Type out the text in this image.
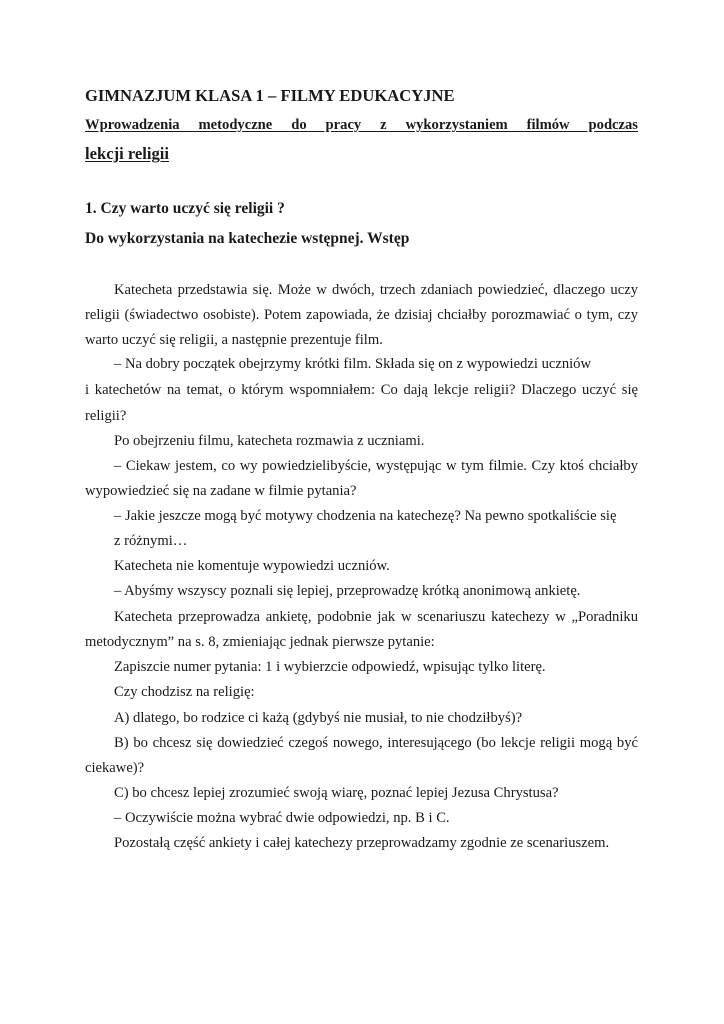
GIMNAZJUM KLASA 1 – FILMY EDUKACYJNE
Wprowadzenia metodyczne do pracy z wykorzystaniem filmów podczas
lekcji religii
1. Czy warto uczyć się religii ?
Do wykorzystania na katechezie wstępnej. Wstęp
Katecheta przedstawia się. Może w dwóch, trzech zdaniach powiedzieć, dlaczego uczy
religii (świadectwo osobiste). Potem zapowiada, że dzisiaj chciałby porozmawiać o tym, czy
warto uczyć się religii, a następnie prezentuje film.
– Na dobry początek obejrzymy krótki film. Składa się on z wypowiedzi uczniów
i katechetów na temat, o którym wspomniałem: Co dają lekcje religii? Dlaczego uczyć się
religii?
Po obejrzeniu filmu, katecheta rozmawia z uczniami.
– Ciekaw jestem, co wy powiedzielibyście, występując w tym filmie. Czy ktoś chciałby
wypowiedzieć się na zadane w filmie pytania?
– Jakie jeszcze mogą być motywy chodzenia na katechezę? Na pewno spotkaliście się
z różnymi…
Katecheta nie komentuje wypowiedzi uczniów.
– Abyśmy wszyscy poznali się lepiej, przeprowadzę krótką anonimową ankietę.
Katecheta przeprowadza ankietę, podobnie jak w scenariuszu katechezy w „Poradniku
metodycznym” na s. 8, zmieniając jednak pierwsze pytanie:
Zapiszcie numer pytania: 1 i wybierzcie odpowiedź, wpisując tylko literę.
Czy chodzisz na religię:
A) dlatego, bo rodzice ci każą (gdybyś nie musiał, to nie chodziłbyś)?
B) bo chcesz się dowiedzieć czegoś nowego, interesującego (bo lekcje religii mogą być
ciekawe)?
C) bo chcesz lepiej zrozumieć swoją wiarę, poznać lepiej Jezusa Chrystusa?
– Oczywiście można wybrać dwie odpowiedzi, np. B i C.
Pozostałą część ankiety i całej katechezy przeprowadzamy zgodnie ze scenariuszem.
